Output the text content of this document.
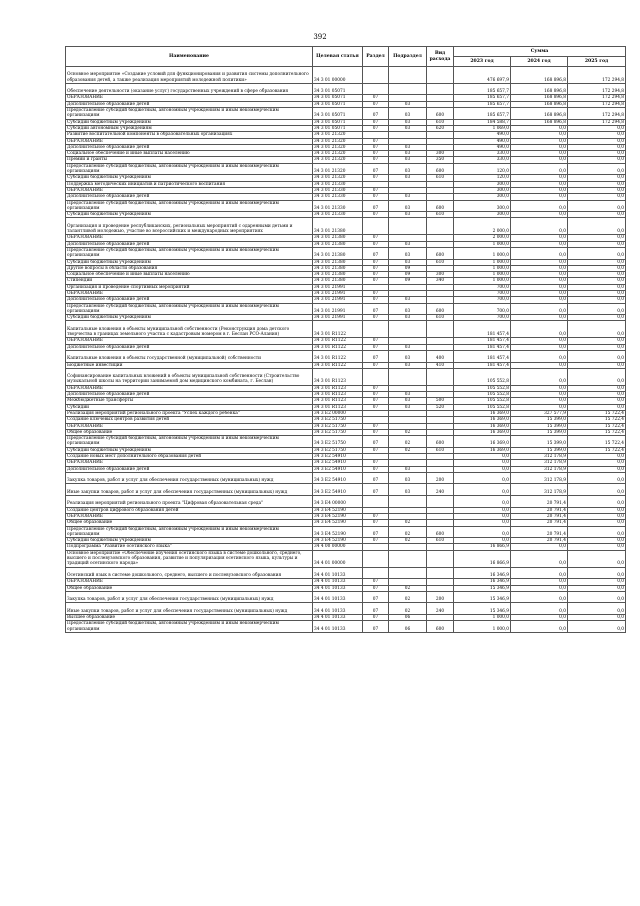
392
Наименование	Целевая статья	Раздел	Подраздел	Вид расхода	Сумма		
					2023 год	2024 год	2025 год
Основное мероприятие «Создание условий для функционирования и развития системы дополнительного образования детей, а также реализация мероприятий молодежной политики»	34 3 01 00000				476 697,9	168 896,8	172 294,8
Обеспечение деятельности (оказание услуг) государственных учреждений в сфере образования	34 3 01 05071				185 657,7	168 896,8	172 294,8
ОБРАЗОВАНИЕ	34 3 01 05071	07			185 657,7	168 896,8	172 294,8
Дополнительное образование детей	34 3 01 05071	07	03		185 657,7	168 896,8	172 294,8
Предоставление субсидий бюджетным, автономным учреждениям и иным некоммерческим организациям	34 3 01 05071	07	03	600	185 657,7	168 896,8	172 294,8
Субсидии бюджетным учреждениям	34 3 01 05071	07	03	610	184 588,7	168 896,8	172 294,8
Субсидии автономным учреждениям	34 3 01 05071	07	03	620	1 069,0	0,0	0,0
Развитие воспитательной компоненты в образовательных организациях	34 3 01 21320				490,0	0,0	0,0
ОБРАЗОВАНИЕ	34 3 01 21320	07			490,0	0,0	0,0
Дополнительное образование детей	34 3 01 21320	07	03		490,0	0,0	0,0
Социальное обеспечение и иные выплаты населению	34 3 01 21320	07	03	300	330,0	0,0	0,0
Премии и гранты	34 3 01 21320	07	03	350	330,0	0,0	0,0
Предоставление субсидий бюджетным, автономным учреждениям и иным некоммерческим организациям	34 3 01 21320	07	03	600	120,0	0,0	0,0
Субсидии бюджетным учреждениям	34 3 01 21320	07	03	610	120,0	0,0	0,0
Поддержка методических инициатив и патриотического воспитания	34 3 01 21330				300,0	0,0	0,0
ОБРАЗОВАНИЕ	34 3 01 21330	07			300,0	0,0	0,0
Дополнительное образование детей	34 3 01 21330	07	03		300,0	0,0	0,0
Предоставление субсидий бюджетным, автономным учреждениям и иным некоммерческим организациям	34 3 01 21330	07	03	600	300,0	0,0	0,0
Субсидии бюджетным учреждениям	34 3 01 21330	07	03	610	300,0	0,0	0,0
Организация и проведение республиканских, региональных мероприятий с одаренными детьми и талантливой молодежью, участие во всероссийских и международных мероприятиях	34 3 01 21380				2 000,0	0,0	0,0
ОБРАЗОВАНИЕ	34 3 01 21380	07			2 000,0	0,0	0,0
Дополнительное образование детей	34 3 01 21380	07	03		1 000,0	0,0	0,0
Предоставление субсидий бюджетным, автономным учреждениям и иным некоммерческим организациям	34 3 01 21380	07	03	600	1 000,0	0,0	0,0
Субсидии бюджетным учреждениям	34 3 01 21380	07	03	610	1 000,0	0,0	0,0
Другие вопросы в области образования	34 3 01 21380	07	09		1 000,0	0,0	0,0
Социальное обеспечение и иные выплаты населению	34 3 01 21380	07	09	300	1 000,0	0,0	0,0
Стипендии	34 3 01 21380	07	09	340	1 000,0	0,0	0,0
Организация и проведение спортивных мероприятий	34 3 01 21991				700,0	0,0	0,0
ОБРАЗОВАНИЕ	34 3 01 21991	07			700,0	0,0	0,0
Дополнительное образование детей	34 3 01 21991	07	03		700,0	0,0	0,0
Предоставление субсидий бюджетным, автономным учреждениям и иным некоммерческим организациям	34 3 01 21991	07	03	600	700,0	0,0	0,0
Субсидии бюджетным учреждениям	34 3 01 21991	07	03	610	700,0	0,0	0,0
Капитальные вложения в объекты муниципальной собственности (Реконструкция дома детского творчества в границах земельного участка с кадастровым номером в г. Беслан РСО-Алания)	34 3 01 R1122				181 457,4	0,0	0,0
ОБРАЗОВАНИЕ	34 3 01 R1122	07			181 457,4	0,0	0,0
Дополнительное образование детей	34 3 01 R1122	07	03		181 457,4	0,0	0,0
Капитальные вложения в объекты государственной (муниципальной) собственности	34 3 01 R1122	07	03	400	181 457,4	0,0	0,0
Бюджетные инвестиции	34 3 01 R1122	07	03	410	181 457,4	0,0	0,0
Софинансирование капитальных вложений в объекты муниципальной собственности (Строительство музыкальной школы на территории занимаемой дом медицинского комбината, г. Беслан)	34 3 01 R1123				105 552,8	0,0	0,0
ОБРАЗОВАНИЕ	34 3 01 R1123	07			105 552,8	0,0	0,0
Дополнительное образование детей	34 3 01 R1123	07	03		105 552,8	0,0	0,0
Межбюджетные трансферты	34 3 01 R1123	07	03	500	105 552,8	0,0	0,0
Субсидии	34 3 01 R1123	07	03	520	105 552,8	0,0	0,0
Реализация мероприятий регионального проекта "Успех каждого ребенка"	34 3 E2 00000				16 369,0	327 577,9	15 722,4
Создание ключевых центров развития детей	34 3 E2 51750				16 369,0	15 399,0	15 722,4
ОБРАЗОВАНИЕ	34 3 E2 51750	07			16 369,0	15 399,0	15 722,4
Общее образование	34 3 E2 51750	07	02		16 369,0	15 399,0	15 722,4
Предоставление субсидий бюджетным, автономным учреждениям и иным некоммерческим организациям	34 3 E2 51750	07	02	600	16 369,0	15 399,0	15 722,4
Субсидии бюджетным учреждениям	34 3 E2 51750	07	02	610	16 369,0	15 399,0	15 722,4
Создание новых мест дополнительного образования детей	34 3 E2 54910				0,0	312 178,9	0,0
ОБРАЗОВАНИЕ	34 3 E2 54910	07			0,0	312 178,9	0,0
Дополнительное образование детей	34 3 E2 54910	07	03		0,0	312 178,9	0,0
Закупка товаров, работ и услуг для обеспечения государственных (муниципальных) нужд	34 3 E2 54910	07	03	200	0,0	312 178,9	0,0
Иные закупки товаров, работ и услуг для обеспечения государственных (муниципальных) нужд	34 3 E2 54910	07	03	240	0,0	312 178,9	0,0
Реализация мероприятий регионального проекта "Цифровая образовательная среда"	34 3 E4 00000				0,0	20 791,4	0,0
Создание центров цифрового образования детей	34 3 E4 52190				0,0	20 791,4	0,0
ОБРАЗОВАНИЕ	34 3 E4 52190	07			0,0	20 791,4	0,0
Общее образование	34 3 E4 52190	07	02		0,0	20 791,4	0,0
Предоставление субсидий бюджетным, автономным учреждениям и иным некоммерческим организациям	34 3 E4 52190	07	02	600	0,0	20 791,4	0,0
Субсидии бюджетным учреждениям	34 3 E4 52190	07	02	610	0,0	20 791,4	0,0
Подпрограмма "Развитие осетинского языка"	34 4 00 00000				16 866,9	0,0	0,0
Основное мероприятие «Обеспечение изучения осетинского языка в системе дошкольного, среднего, высшего и послевузовского образования, развитие и популяризация осетинского языка, культуры и традиций осетинского народа»	34 4 01 00000				16 866,9	0,0	0,0
Осетинский язык в системе дошкольного, среднего, высшего и послевузовского образования	34 4 01 10133				16 346,9	0,0	0,0
ОБРАЗОВАНИЕ	34 4 01 10133	07			16 346,9	0,0	0,0
Общее образование	34 4 01 10133	07	02		15 346,9	0,0	0,0
Закупка товаров, работ и услуг для обеспечения государственных (муниципальных) нужд	34 4 01 10133	07	02	200	15 346,9	0,0	0,0
Иные закупки товаров, работ и услуг для обеспечения государственных (муниципальных) нужд	34 4 01 10133	07	02	240	15 346,9	0,0	0,0
Высшее образование	34 4 01 10133	07	06		1 000,0	0,0	0,0
Предоставление субсидий бюджетным, автономным учреждениям и иным некоммерческим организациям	34 4 01 10133	07	06	600	1 000,0	0,0	0,0
